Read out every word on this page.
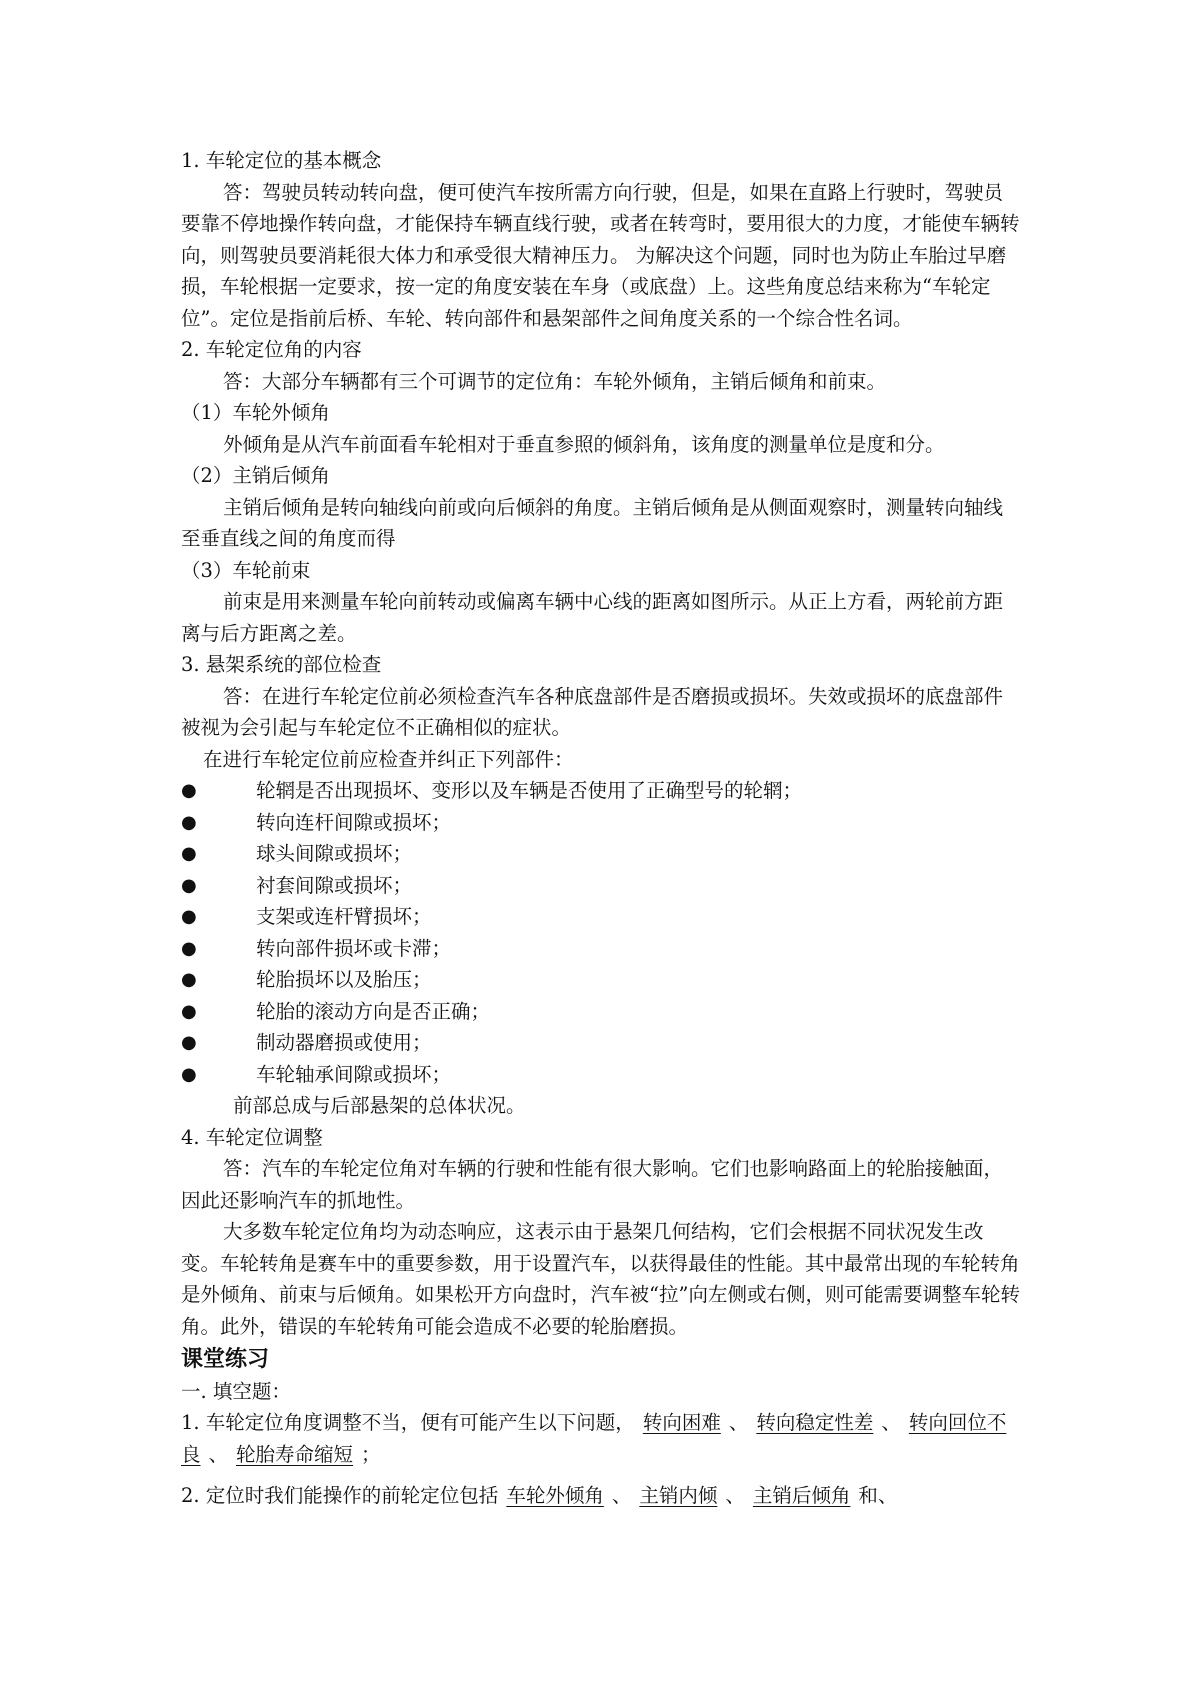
1. 车轮定位的基本概念

答：驾驶员转动转向盘，便可使汽车按所需方向行驶，但是，如果在直路上行驶时，驾驶员要靠不停地操作转向盘，才能保持车辆直线行驶，或者在转弯时，要用很大的力度，才能使车辆转向，则驾驶员要消耗很大体力和承受很大精神压力。 为解决这个问题，同时也为防止车胎过早磨损，车轮根据一定要求，按一定的角度安装在车身（或底盘）上。这些角度总结来称为“车轮定位”。定位是指前后桥、车轮、转向部件和悬架部件之间角度关系的一个综合性名词。

2. 车轮定位角的内容

答：大部分车辆都有三个可调节的定位角：车轮外倾角，主销后倾角和前束。

（1）车轮外倾角

外倾角是从汽车前面看车轮相对于垂直参照的倾斜角，该角度的测量单位是度和分。

（2）主销后倾角

主销后倾角是转向轴线向前或向后倾斜的角度。主销后倾角是从侧面观察时，测量转向轴线至垂直线之间的角度而得

（3）车轮前束

前束是用来测量车轮向前转动或偏离车辆中心线的距离如图所示。从正上方看，两轮前方距离与后方距离之差。

3. 悬架系统的部位检查

答：在进行车轮定位前必须检查汽车各种底盘部件是否磨损或损坏。失效或损坏的底盘部件被视为会引起与车轮定位不正确相似的症状。

在进行车轮定位前应检查并纠正下列部件：

● 轮辋是否出现损坏、变形以及车辆是否使用了正确型号的轮辋；
● 转向连杆间隙或损坏；
● 球头间隙或损坏；
● 衬套间隙或损坏；
● 支架或连杆臂损坏；
● 转向部件损坏或卡滞；
● 轮胎损坏以及胎压；
● 轮胎的滚动方向是否正确；
● 制动器磨损或使用；
● 车轮轴承间隙或损坏；

前部总成与后部悬架的总体状况。

4. 车轮定位调整

答：汽车的车轮定位角对车辆的行驶和性能有很大影响。它们也影响路面上的轮胎接触面，因此还影响汽车的抓地性。

大多数车轮定位角均为动态响应，这表示由于悬架几何结构，它们会根据不同状况发生改变。车轮转角是赛车中的重要参数，用于设置汽车，以获得最佳的性能。其中最常出现的车轮转角是外倾角、前束与后倾角。如果松开方向盘时，汽车被“拉”向左侧或右侧，则可能需要调整车轮转角。此外，错误的车轮转角可能会造成不必要的轮胎磨损。

课堂练习

一. 填空题：

1. 车轮定位角度调整不当，便有可能产生以下问题， 转向困难 、 转向稳定性差 、 转向回位不良 、 轮胎寿命缩短 ；

2. 定位时我们能操作的前轮定位包括 车轮外倾角 、 主销内倾 、 主销后倾角 和、
